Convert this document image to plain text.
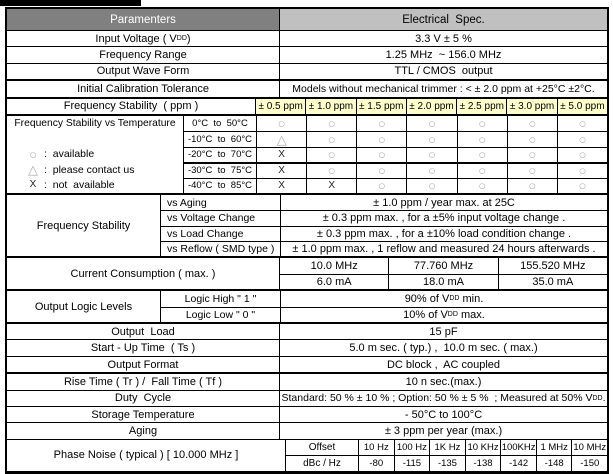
Paramenters	Electrical  Spec.
Input Voltage ( V DD )	3.3 V ± 5 %
Frequency Range	1.25 MHz  ~ 156.0 MHz
Output Wave Form	TTL / CMOS  output
Initial Calibration Tolerance	Models without mechanical trimmer : < ± 2.0 ppm at +25°C ±2°C.
Frequency Stability  ( ppm )	± 0.5 ppm ± 1.0 ppm ± 1.5 ppm ± 2.0 ppm ± 2.5 ppm ± 3.0 ppm ± 5.0 ppm
Frequency Stability vs Temperature
○ :  available
△ :  please contact us
X :  not  available
0°C  to  50°C ○	○	○	○	○	○	○
-10°C  to  60°C △	○	○	○	○	○	○
-20°C  to  70°C	X	○	○	○	○	○	○
-30°C  to  75°C	X	○	○	○	○	○	○
-40°C  to  85°C	X	X	○	○	○	○	○
Frequency Stability
vs Aging	± 1.0 ppm / year max. at 25C
vs Voltage Change	± 0.3 ppm max. , for a ±5% input voltage change .
vs Load Change	± 0.3 ppm max. , for a ±10% load condition change .
vs Reflow ( SMD type ) ± 1.0 ppm max. , 1 reflow and measured 24 hours afterwards .
Current Consumption ( max. )
10.0 MHz	77.760 MHz	155.520 MHz
6.0 mA	18.0 mA	35.0 mA
Output Logic Levels
Logic High " 1 "	90% of V DD min.
Logic Low " 0 "	10% of V DD max.
Output  Load	15 pF
Start - Up Time  ( Ts )	5.0 m sec. ( typ.) ,  10.0 m sec. ( max.)
Output Format	DC block ,  AC coupled
Rise Time ( Tr ) /  Fall Time ( Tf )	10 n sec.(max.)
Duty  Cycle	Standard: 50 % ± 10 % ; Option: 50 % ± 5 %  ; Measured at 50% V DD .
Storage Temperature	- 50°C to 100°C
Aging	± 3 ppm per year (max.)
Phase Noise ( typical ) [ 10.000 MHz ]
Offset	10 Hz 100 Hz 1K Hz 10 KHz 100KHz 1 MHz 10 MHz
dBc / Hz	-80 -115 -135 -138 -142 -148 -150
